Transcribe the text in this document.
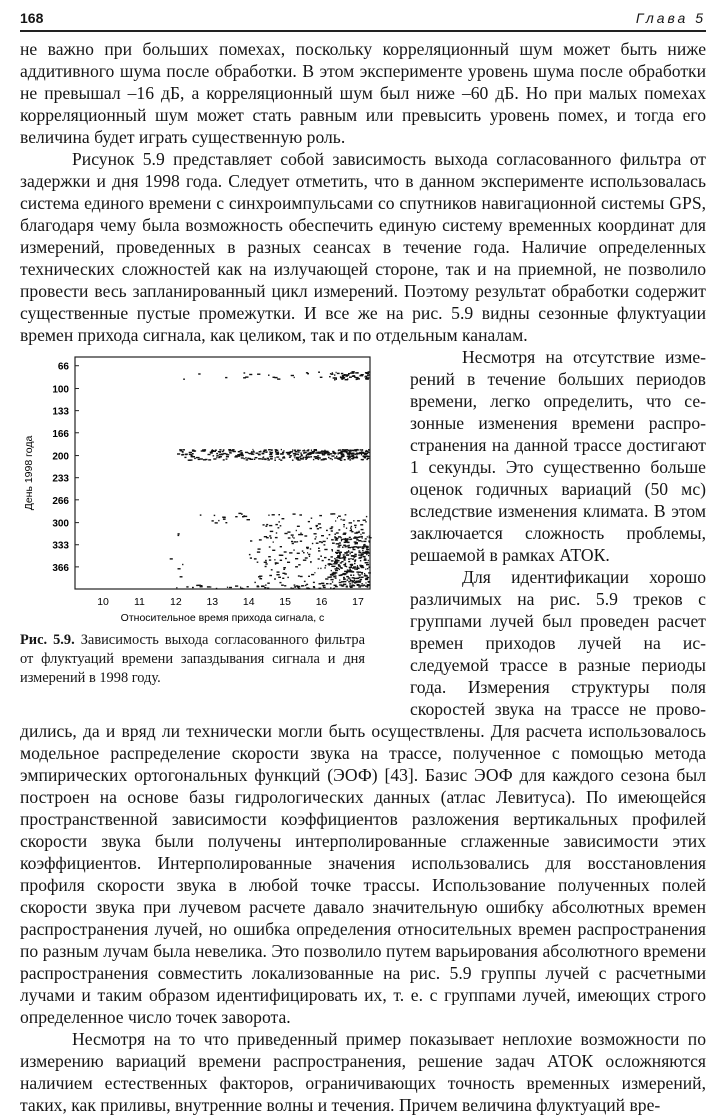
168	Глава 5

не важно при больших помехах, поскольку корреляционный шум может быть ниже аддитивного шума после обработки. В этом эксперименте уровень шума после обработки не превышал –16 дБ, а корреляционный шум был ниже –60 дБ. Но при малых помехах корреляционный шум может стать равным или превысить уровень помех, и тогда его величина будет играть существенную роль.

Рисунок 5.9 представляет собой зависимость выхода согласованного фильтра от задержки и дня 1998 года. Следует отметить, что в данном эксперименте использовалась система единого времени с синхроимпульсами со спутников навигационной системы GPS, благодаря чему была возможность обеспечить единую систему временных координат для измерений, проведенных в разных сеансах в течение года. Наличие определенных технических сложностей как на излучающей стороне, так и на приемной, не позволило провести весь запланированный цикл измерений. Поэтому результат обработки содержит существенные пустые промежутки. И все же на рис. 5.9 видны сезонные флуктуации времен прихода сигнала, как целиком, так и по отдельным каналам.

66
100
133
166
200
233
266
300
333
366
10 11 12 13 14 15 16 17
Относительное время прихода сигнала, с
День 1998 года
Рис. 5.9. Зависимость выхода согласованного фильтра от флуктуаций времени запаздывания сигнала и дня измерений в 1998 году.

Несмотря на отсутствие измерений в течение больших периодов времени, легко определить, что сезонные изменения времени распространения на данной трассе достигают 1 секунды. Это существенно больше оценок годичных вариаций (50 мс) вследствие изменения климата. В этом заключается сложность проблемы, решаемой в рамках АТОК.

Для идентификации хорошо различимых на рис. 5.9 треков с группами лучей был проведен расчет времен приходов лучей на исследуемой трассе в разные периоды года. Измерения структуры поля скоростей звука на трассе не проводились, да и вряд ли технически могли быть осуществлены. Для расчета использовалось модельное распределение скорости звука на трассе, полученное с помощью метода эмпирических ортогональных функций (ЭОФ) [43]. Базис ЭОФ для каждого сезона был построен на основе базы гидрологических данных (атлас Левитуса). По имеющейся пространственной зависимости коэффициентов разложения вертикальных профилей скорости звука были получены интерполированные сглаженные зависимости этих коэффициентов. Интерполированные значения использовались для восстановления профиля скорости звука в любой точке трассы. Использование полученных полей скорости звука при лучевом расчете давало значительную ошибку абсолютных времен распространения лучей, но ошибка определения относительных времен распространения по разным лучам была невелика. Это позволило путем варьирования абсолютного времени распространения совместить локализованные на рис. 5.9 группы лучей с расчетными лучами и таким образом идентифицировать их, т. е. с группами лучей, имеющих строго определенное число точек заворота.

Несмотря на то что приведенный пример показывает неплохие возможности по измерению вариаций времени распространения, решение задач АТОК осложняются наличием естественных факторов, ограничивающих точность временных измерений, таких, как приливы, внутренние волны и течения. Причем величина флуктуаций вре-
